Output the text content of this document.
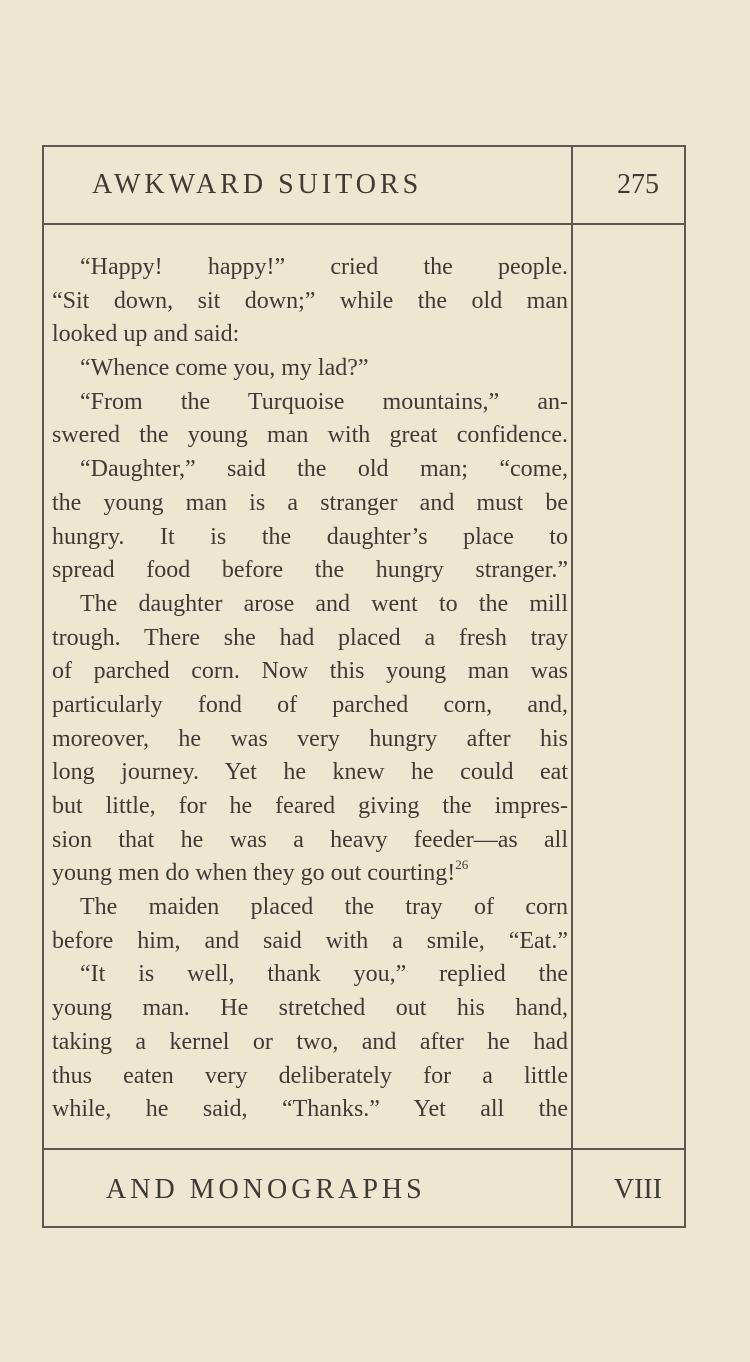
AWKWARD SUITORS	275
AND MONOGRAPHS	VIII
“Happy! happy!” cried the people.
“Sit down, sit down;” while the old man
looked up and said:
“Whence come you, my lad?”
“From the Turquoise mountains,” an-
swered the young man with great confidence.
“Daughter,” said the old man; “come,
the young man is a stranger and must be
hungry. It is the daughter’s place to
spread food before the hungry stranger.”
The daughter arose and went to the mill
trough. There she had placed a fresh tray
of parched corn. Now this young man was
particularly fond of parched corn, and,
moreover, he was very hungry after his
long journey. Yet he knew he could eat
but little, for he feared giving the impres-
sion that he was a heavy feeder—as all
young men do when they go out courting!$^{26}$
The maiden placed the tray of corn
before him, and said with a smile, “Eat.”
“It is well, thank you,” replied the
young man. He stretched out his hand,
taking a kernel or two, and after he had
thus eaten very deliberately for a little
while, he said, “Thanks.” Yet all the
